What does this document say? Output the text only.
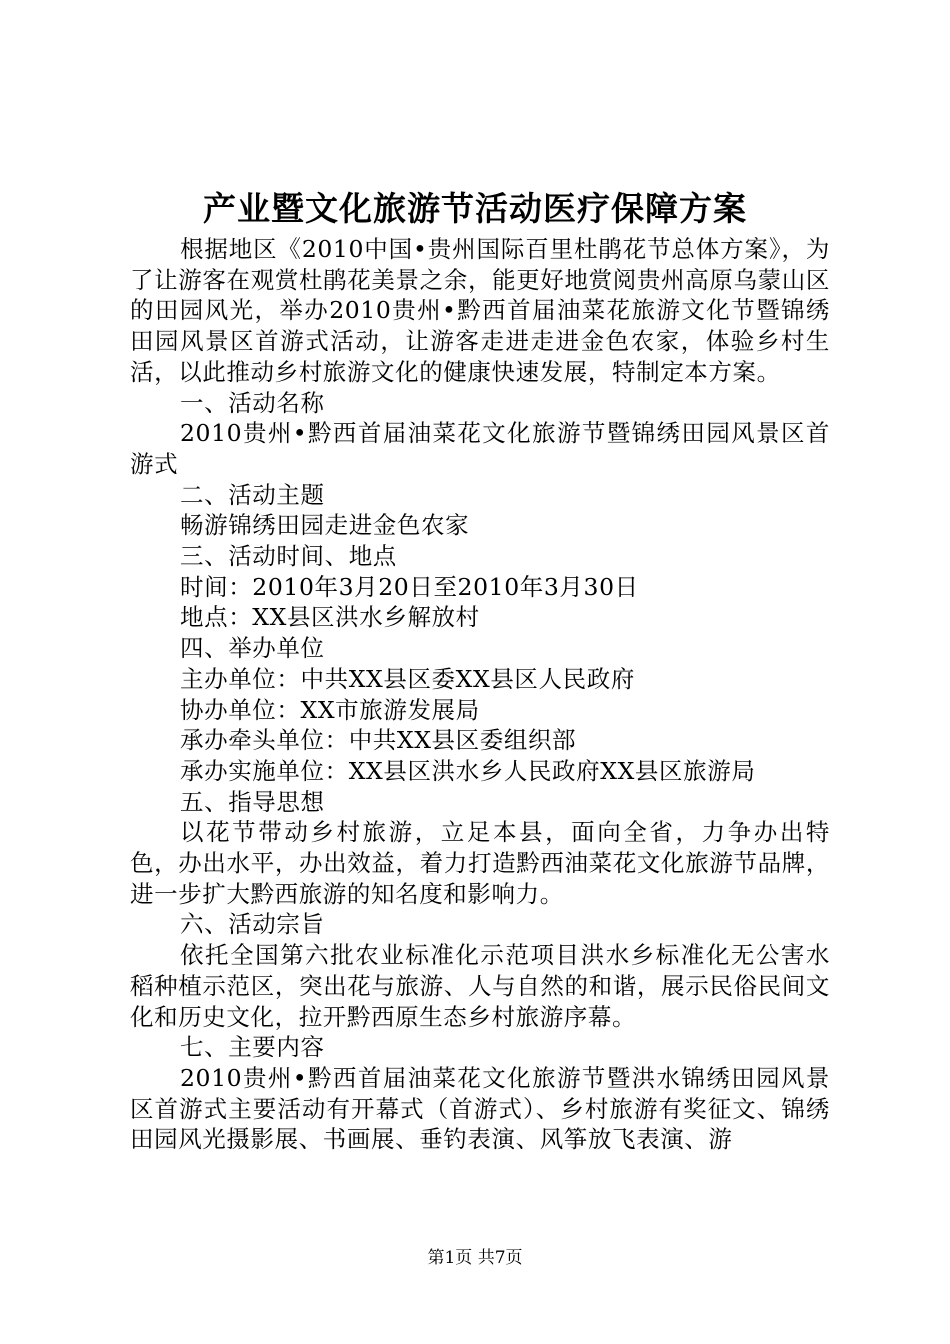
产业暨文化旅游节活动医疗保障方案

根据地区《2010中国•贵州国际百里杜鹃花节总体方案》，为了让游客在观赏杜鹃花美景之余，能更好地赏阅贵州高原乌蒙山区的田园风光，举办2010贵州•黔西首届油菜花旅游文化节暨锦绣田园风景区首游式活动，让游客走进走进金色农家，体验乡村生活，以此推动乡村旅游文化的健康快速发展，特制定本方案。

一、活动名称

2010贵州•黔西首届油菜花文化旅游节暨锦绣田园风景区首游式

二、活动主题

畅游锦绣田园走进金色农家

三、活动时间、地点

时间：2010年3月20日至2010年3月30日

地点：XX县区洪水乡解放村

四、举办单位

主办单位：中共XX县区委XX县区人民政府

协办单位：XX市旅游发展局

承办牵头单位：中共XX县区委组织部

承办实施单位：XX县区洪水乡人民政府XX县区旅游局

五、指导思想

以花节带动乡村旅游，立足本县，面向全省，力争办出特色，办出水平，办出效益，着力打造黔西油菜花文化旅游节品牌，进一步扩大黔西旅游的知名度和影响力。

六、活动宗旨

依托全国第六批农业标准化示范项目洪水乡标准化无公害水稻种植示范区，突出花与旅游、人与自然的和谐，展示民俗民间文化和历史文化，拉开黔西原生态乡村旅游序幕。

七、主要内容

2010贵州•黔西首届油菜花文化旅游节暨洪水锦绣田园风景区首游式主要活动有开幕式（首游式）、乡村旅游有奖征文、锦绣田园风光摄影展、书画展、垂钓表演、风筝放飞表演、游

第1页 共7页
